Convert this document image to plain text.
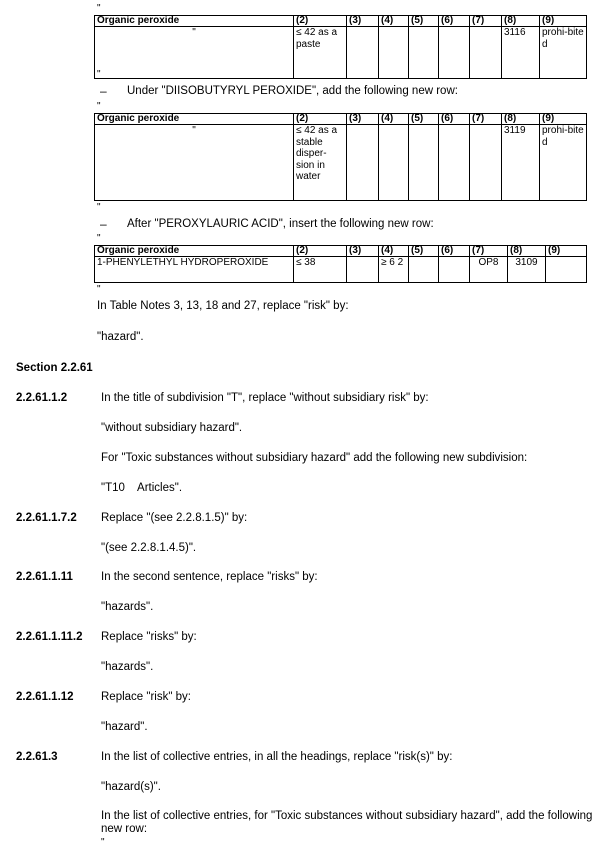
"
Organic peroxide	(2)	(3)	(4)	(5)	(6)	(7)	(8)	(9)
"	≤ 42 as a paste						3116	prohi-bited
"
– Under "DIISOBUTYRYL PEROXIDE", add the following new row:
"
Organic peroxide	(2)	(3)	(4)	(5)	(6)	(7)	(8)	(9)
"	≤ 42 as a stable disper-sion in water						3119	prohi-bited
"
– After "PEROXYLAURIC ACID", insert the following new row:
"
Organic peroxide	(2)	(3)	(4)	(5)	(6)	(7)	(8)	(9)
1-PHENYLETHYL HYDROPEROXIDE	≤ 38		≥ 6 2			OP8	3109	
"
In Table Notes 3, 13, 18 and 27, replace "risk" by:
"hazard".
Section 2.2.61
2.2.61.1.2	In the title of subdivision "T", replace "without subsidiary risk" by:
"without subsidiary hazard".
For "Toxic substances without subsidiary hazard" add the following new subdivision:
"T10    Articles".
2.2.61.1.7.2 Replace "(see 2.2.8.1.5)" by:
"(see 2.2.8.1.4.5)".
2.2.61.1.11 In the second sentence, replace "risks" by:
"hazards".
2.2.61.1.11.2 Replace "risks" by:
"hazards".
2.2.61.1.12 Replace "risk" by:
"hazard".
2.2.61.3	In the list of collective entries, in all the headings, replace "risk(s)" by:
"hazard(s)".
In the list of collective entries, for "Toxic substances without subsidiary hazard", add the following new row:
"
